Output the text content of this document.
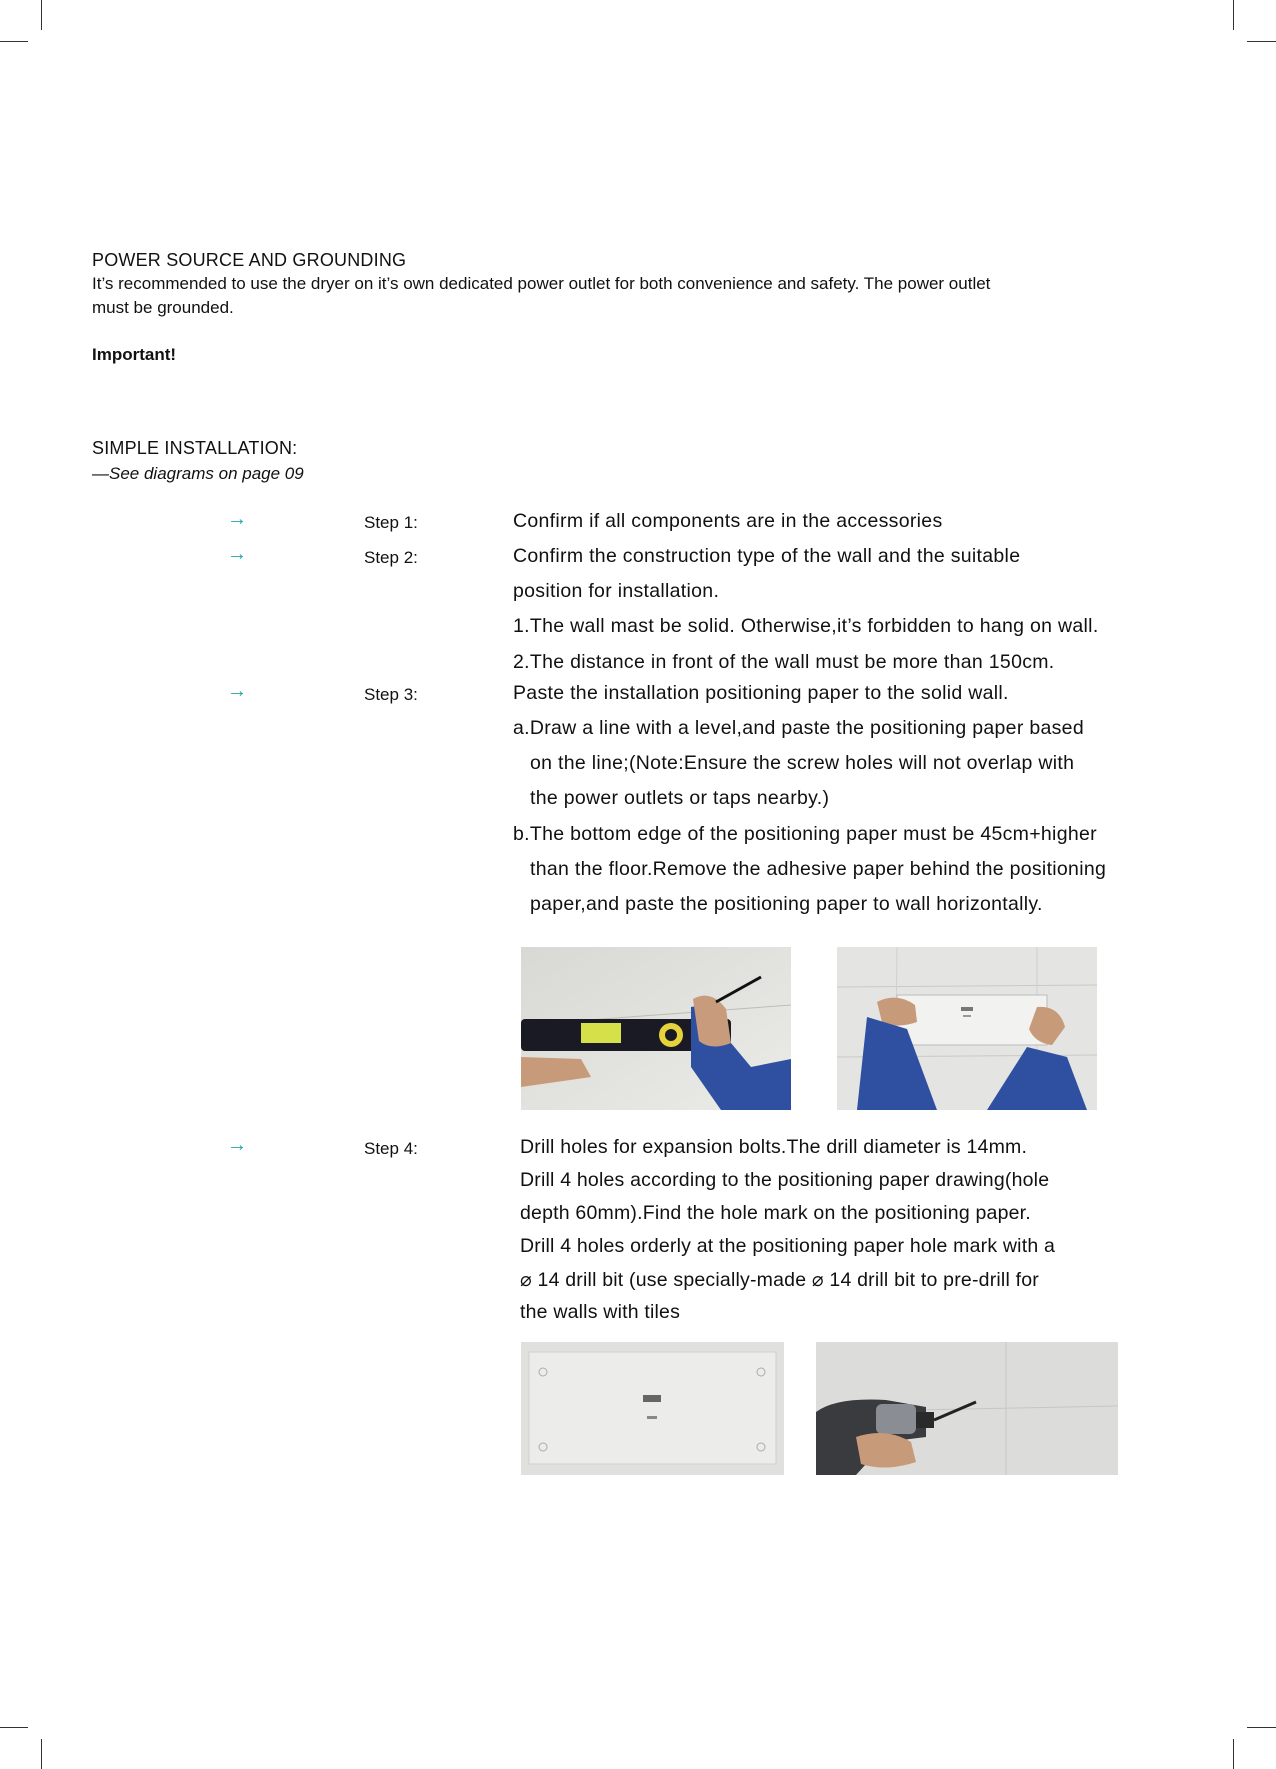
POWER SOURCE AND GROUNDING
It’s recommended to use the dryer on it’s own dedicated power outlet for both convenience and safety. The power outlet
must be grounded.
Important!
SIMPLE INSTALLATION:
—See diagrams on page 09
→	Step 1:	Confirm if all components are in the accessories
→	Step 2:	Confirm the construction type of the wall and the suitable
position for installation.
1.The wall mast be solid. Otherwise,it’s forbidden to hang on wall.
2.The distance in front of the wall must be more than 150cm.
→	Step 3:	Paste the installation positioning paper to the solid wall.
a.Draw a line with a level,and paste the positioning paper based
on the line;(Note:Ensure the screw holes will not overlap with
the power outlets or taps nearby.)
b.The bottom edge of the positioning paper must be 45cm+higher
than the floor.Remove the adhesive paper behind the positioning
paper,and paste the positioning paper to wall horizontally.
→	Step 4:	Drill holes for expansion bolts.The drill diameter is 14mm.
Drill 4 holes according to the positioning paper drawing(hole
depth 60mm).Find the hole mark on the positioning paper.
Drill 4 holes orderly at the positioning paper hole mark with a
⌀ 14 drill bit (use specially-made ⌀ 14 drill bit to pre-drill for
the walls with tiles
